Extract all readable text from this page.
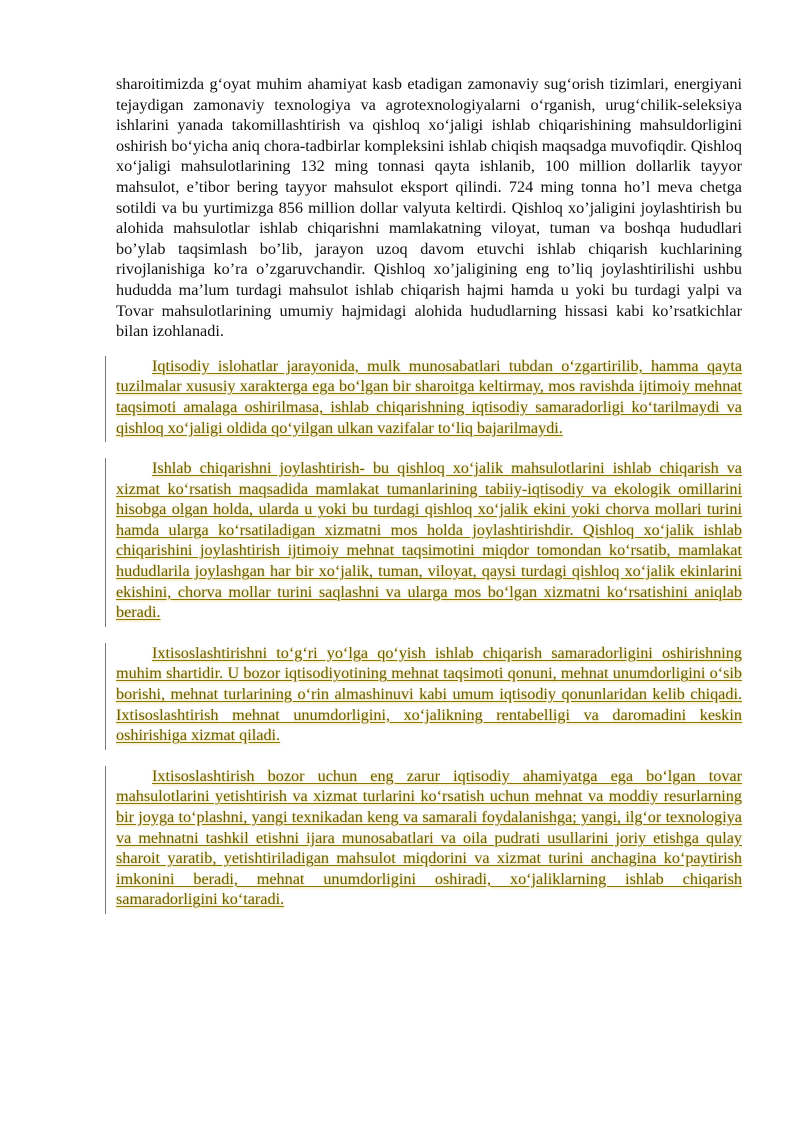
sharoitimizda g‘oyat muhim ahamiyat kasb etadigan zamonaviy sug‘orish tizimlari, energiyani tejaydigan zamonaviy texnologiya va agrotexnologiyalarni o‘rganish, urug‘chilik-seleksiya ishlarini yanada takomillashtirish va qishloq xo‘jaligi ishlab chiqarishining mahsuldorligini oshirish bo‘yicha aniq chora-tadbirlar kompleksini ishlab chiqish maqsadga muvofiqdir. Qishloq xo‘jaligi mahsulotlarining 132 ming tonnasi qayta ishlanib, 100 million dollarlik tayyor mahsulot, e’tibor bering tayyor mahsulot eksport qilindi. 724 ming tonna ho’l meva chetga sotildi va bu yurtimizga 856 million dollar valyuta keltirdi. Qishloq xo’jaligini joylashtirish bu alohida mahsulotlar ishlab chiqarishni mamlakatning viloyat, tuman va boshqa hududlari bo’ylab taqsimlash bo’lib, jarayon uzoq davom etuvchi ishlab chiqarish kuchlarining rivojlanishiga ko’ra o’zgaruvchandir. Qishloq xo’jaligining eng to’liq joylashtirilishi ushbu hududda ma’lum turdagi mahsulot ishlab chiqarish hajmi hamda u yoki bu turdagi yalpi va Tovar mahsulotlarining umumiy hajmidagi alohida hududlarning hissasi kabi ko’rsatkichlar bilan izohlanadi.

Iqtisodiy islohatlar jarayonida, mulk munosabatlari tubdan o‘zgartirilib, hamma qayta tuzilmalar xususiy xarakterga ega bo‘lgan bir sharoitga keltirmay, mos ravishda ijtimoiy mehnat taqsimoti amalaga oshirilmasa, ishlab chiqarishning iqtisodiy samaradorligi ko‘tarilmaydi va qishloq xo‘jaligi oldida qo‘yilgan ulkan vazifalar to‘liq bajarilmaydi.
Ishlab chiqarishni joylashtirish- bu qishloq xo‘jalik mahsulotlarini ishlab chiqarish va xizmat ko‘rsatish maqsadida mamlakat tumanlarining tabiiy-iqtisodiy va ekologik omillarini hisobga olgan holda, ularda u yoki bu turdagi qishloq xo‘jalik ekini yoki chorva mollari turini hamda ularga ko‘rsatiladigan xizmatni mos holda joylashtirishdir. Qishloq xo‘jalik ishlab chiqarishini joylashtirish ijtimoiy mehnat taqsimotini miqdor tomondan ko‘rsatib, mamlakat hududlarila joylashgan har bir xo‘jalik, tuman, viloyat, qaysi turdagi qishloq xo‘jalik ekinlarini ekishini, chorva mollar turini saqlashni va ularga mos bo‘lgan xizmatni ko‘rsatishini aniqlab beradi.
Ixtisoslashtirishni to‘g‘ri yo‘lga qo‘yish ishlab chiqarish samaradorligini oshirishning muhim shartidir. U bozor iqtisodiyotining mehnat taqsimoti qonuni, mehnat unumdorligini o‘sib borishi, mehnat turlarining o‘rin almashinuvi kabi umum iqtisodiy qonunlaridan kelib chiqadi. Ixtisoslashtirish mehnat unumdorligini, xo‘jalikning rentabelligi va daromadini keskin oshirishiga xizmat qiladi.
Ixtisoslashtirish bozor uchun eng zarur iqtisodiy ahamiyatga ega bo‘lgan tovar mahsulotlarini yetishtirish va xizmat turlarini ko‘rsatish uchun mehnat va moddiy resurlarning bir joyga to‘plashni, yangi texnikadan keng va samarali foydalanishga; yangi, ilg‘or texnologiya va mehnatni tashkil etishni ijara munosabatlari va oila pudrati usullarini joriy etishga qulay sharoit yaratib, yetishtiriladigan mahsulot miqdorini va xizmat turini anchagina ko‘paytirish imkonini beradi, mehnat unumdorligini oshiradi, xo‘jaliklarning ishlab chiqarish samaradorligini ko‘taradi.
